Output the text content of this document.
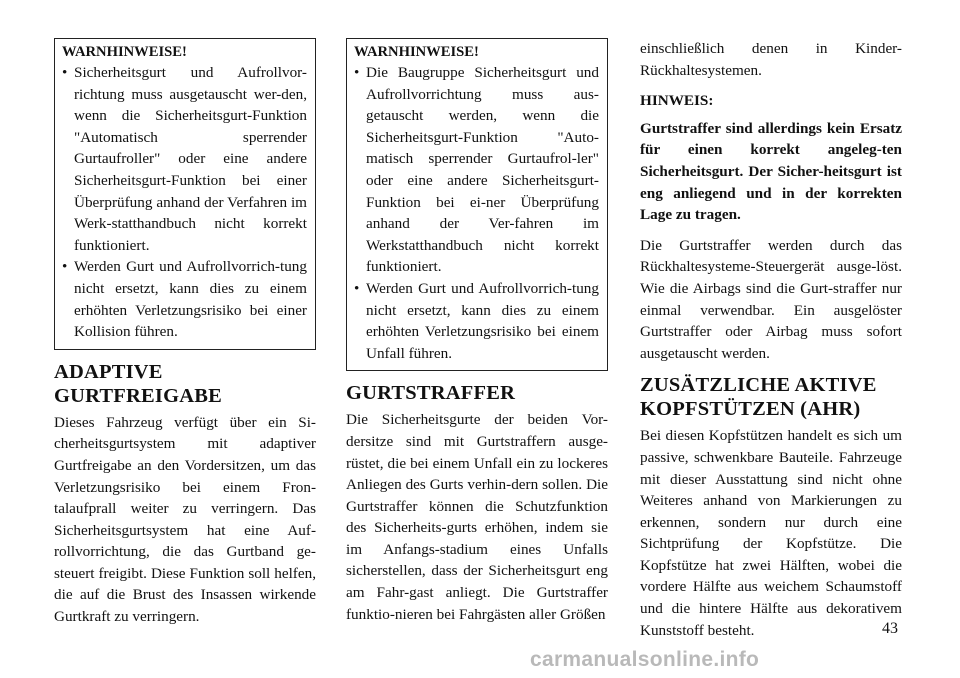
WARNHINWEISE!
• Sicherheitsgurt und Aufrollvor-richtung muss ausgetauscht wer-den, wenn die Sicherheitsgurt-Funktion "Automatisch sperrender Gurtaufroller" oder eine andere Sicherheitsgurt-Funktion bei einer Überprüfung anhand der Verfahren im Werk-statthandbuch nicht korrekt funktioniert.
• Werden Gurt und Aufrollvorrich-tung nicht ersetzt, kann dies zu einem erhöhten Verletzungsrisiko bei einer Kollision führen.
ADAPTIVE GURTFREIGABE

Dieses Fahrzeug verfügt über ein Si-cherheitsgurtsystem mit adaptiver Gurtfreigabe an den Vordersitzen, um das Verletzungsrisiko bei einem Fron-talaufprall weiter zu verringern. Das Sicherheitsgurtsystem hat eine Auf-rollvorrichtung, die das Gurtband ge-steuert freigibt. Diese Funktion soll helfen, die auf die Brust des Insassen wirkende Gurtkraft zu verringern.

WARNHINWEISE!
• Die Baugruppe Sicherheitsgurt und Aufrollvorrichtung muss aus-getauscht werden, wenn die Sicherheitsgurt-Funktion "Auto-matisch sperrender Gurtaufrol-ler" oder eine andere Sicherheitsgurt-Funktion bei ei-ner Überprüfung anhand der Ver-fahren im Werkstatthandbuch nicht korrekt funktioniert.
• Werden Gurt und Aufrollvorrich-tung nicht ersetzt, kann dies zu einem erhöhten Verletzungsrisiko bei einem Unfall führen.
GURTSTRAFFER

Die Sicherheitsgurte der beiden Vor-dersitze sind mit Gurtstraffern ausge-rüstet, die bei einem Unfall ein zu lockeres Anliegen des Gurts verhin-dern sollen. Die Gurtstraffer können die Schutzfunktion des Sicherheits-gurts erhöhen, indem sie im Anfangs-stadium eines Unfalls sicherstellen, dass der Sicherheitsgurt eng am Fahr-gast anliegt. Die Gurtstraffer funktio-nieren bei Fahrgästen aller Größen

einschließlich denen in Kinder-Rückhaltesystemen.

HINWEIS:

Gurtstraffer sind allerdings kein Ersatz für einen korrekt angeleg-ten Sicherheitsgurt. Der Sicher-heitsgurt ist eng anliegend und in der korrekten Lage zu tragen.

Die Gurtstraffer werden durch das Rückhaltesysteme-Steuergerät ausge-löst. Wie die Airbags sind die Gurt-straffer nur einmal verwendbar. Ein ausgelöster Gurtstraffer oder Airbag muss sofort ausgetauscht werden.

ZUSÄTZLICHE AKTIVE KOPFSTÜTZEN (AHR)

Bei diesen Kopfstützen handelt es sich um passive, schwenkbare Bauteile. Fahrzeuge mit dieser Ausstattung sind nicht ohne Weiteres anhand von Markierungen zu erkennen, sondern nur durch eine Sichtprüfung der Kopfstütze. Die Kopfstütze hat zwei Hälften, wobei die vordere Hälfte aus weichem Schaumstoff und die hintere Hälfte aus dekorativem Kunststoff besteht.	43
carmanualsonline.info
